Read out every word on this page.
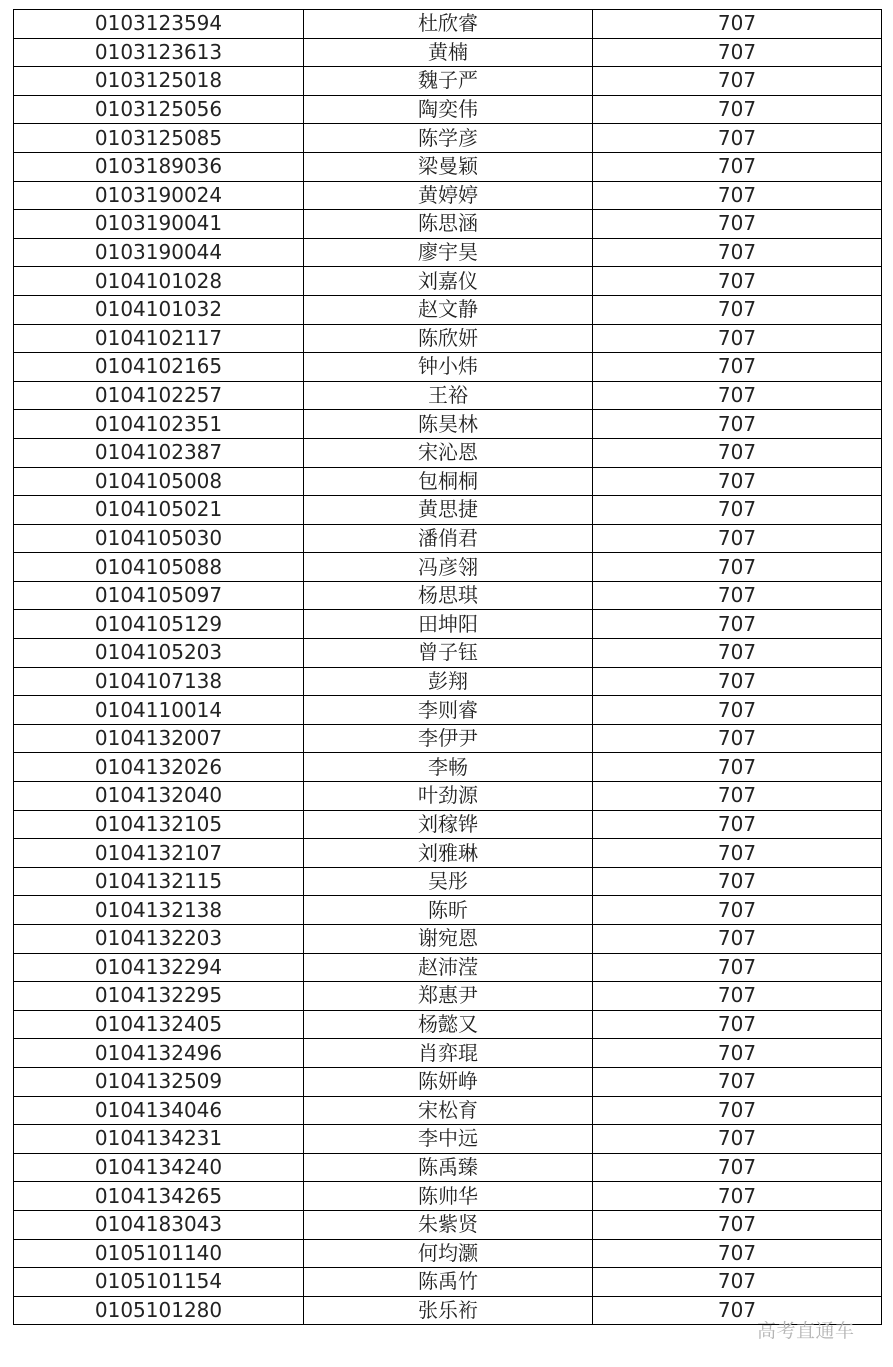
0103123594	杜欣睿	707
0103123613	黄楠	707
0103125018	魏子严	707
0103125056	陶奕伟	707
0103125085	陈学彦	707
0103189036	梁曼颖	707
0103190024	黄婷婷	707
0103190041	陈思涵	707
0103190044	廖宇昊	707
0104101028	刘嘉仪	707
0104101032	赵文静	707
0104102117	陈欣妍	707
0104102165	钟小炜	707
0104102257	王裕	707
0104102351	陈昊林	707
0104102387	宋沁恩	707
0104105008	包桐桐	707
0104105021	黄思捷	707
0104105030	潘俏君	707
0104105088	冯彦翎	707
0104105097	杨思琪	707
0104105129	田坤阳	707
0104105203	曾子钰	707
0104107138	彭翔	707
0104110014	李则睿	707
0104132007	李伊尹	707
0104132026	李畅	707
0104132040	叶劲源	707
0104132105	刘稼铧	707
0104132107	刘雅琳	707
0104132115	吴彤	707
0104132138	陈昕	707
0104132203	谢宛恩	707
0104132294	赵沛滢	707
0104132295	郑惠尹	707
0104132405	杨懿又	707
0104132496	肖弈琨	707
0104132509	陈妍峥	707
0104134046	宋松育	707
0104134231	李中远	707
0104134240	陈禹臻	707
0104134265	陈帅华	707
0104183043	朱紫贤	707
0105101140	何均灏	707
0105101154	陈禹竹	707
0105101280	张乐裄	707
高考直通车
